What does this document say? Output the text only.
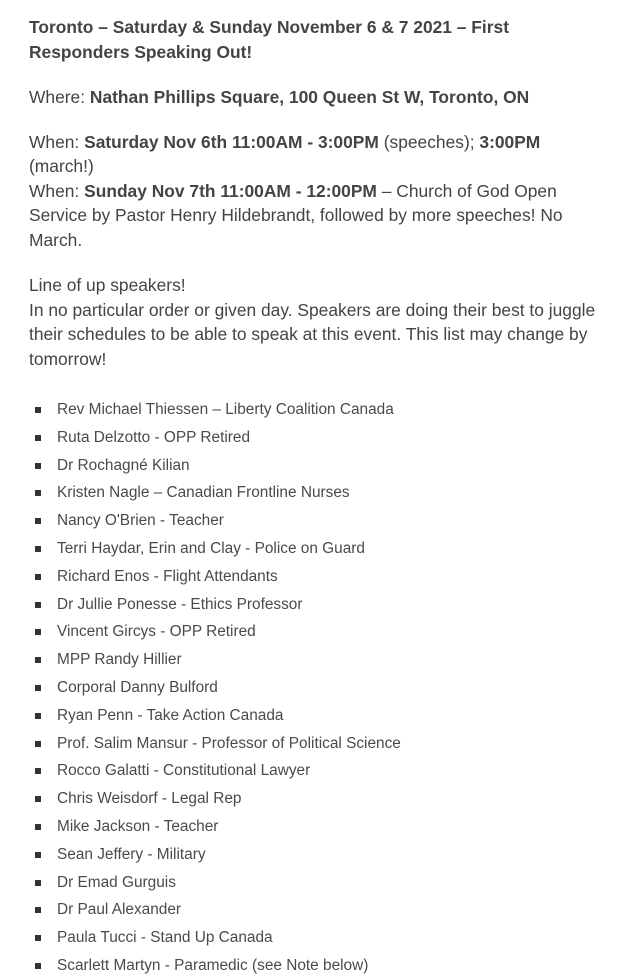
Toronto – Saturday & Sunday November 6 & 7 2021 – First Responders Speaking Out!

Where: Nathan Phillips Square, 100 Queen St W, Toronto, ON

When: Saturday Nov 6th 11:00AM - 3:00PM (speeches); 3:00PM (march!)

When: Sunday Nov 7th 11:00AM - 12:00PM – Church of God Open Service by Pastor Henry Hildebrandt, followed by more speeches! No March.

Line of up speakers!
In no particular order or given day. Speakers are doing their best to juggle their schedules to be able to speak at this event. This list may change by tomorrow!

Rev Michael Thiessen – Liberty Coalition Canada
Ruta Delzotto - OPP Retired
Dr Rochagné Kilian
Kristen Nagle – Canadian Frontline Nurses
Nancy O'Brien - Teacher
Terri Haydar, Erin and Clay - Police on Guard
Richard Enos - Flight Attendants
Dr Jullie Ponesse - Ethics Professor
Vincent Gircys - OPP Retired
MPP Randy Hillier
Corporal Danny Bulford
Ryan Penn - Take Action Canada
Prof. Salim Mansur - Professor of Political Science
Rocco Galatti - Constitutional Lawyer
Chris Weisdorf - Legal Rep
Mike Jackson - Teacher
Sean Jeffery - Military
Dr Emad Gurguis
Dr Paul Alexander
Paula Tucci - Stand Up Canada
Scarlett Martyn - Paramedic (see Note below)
